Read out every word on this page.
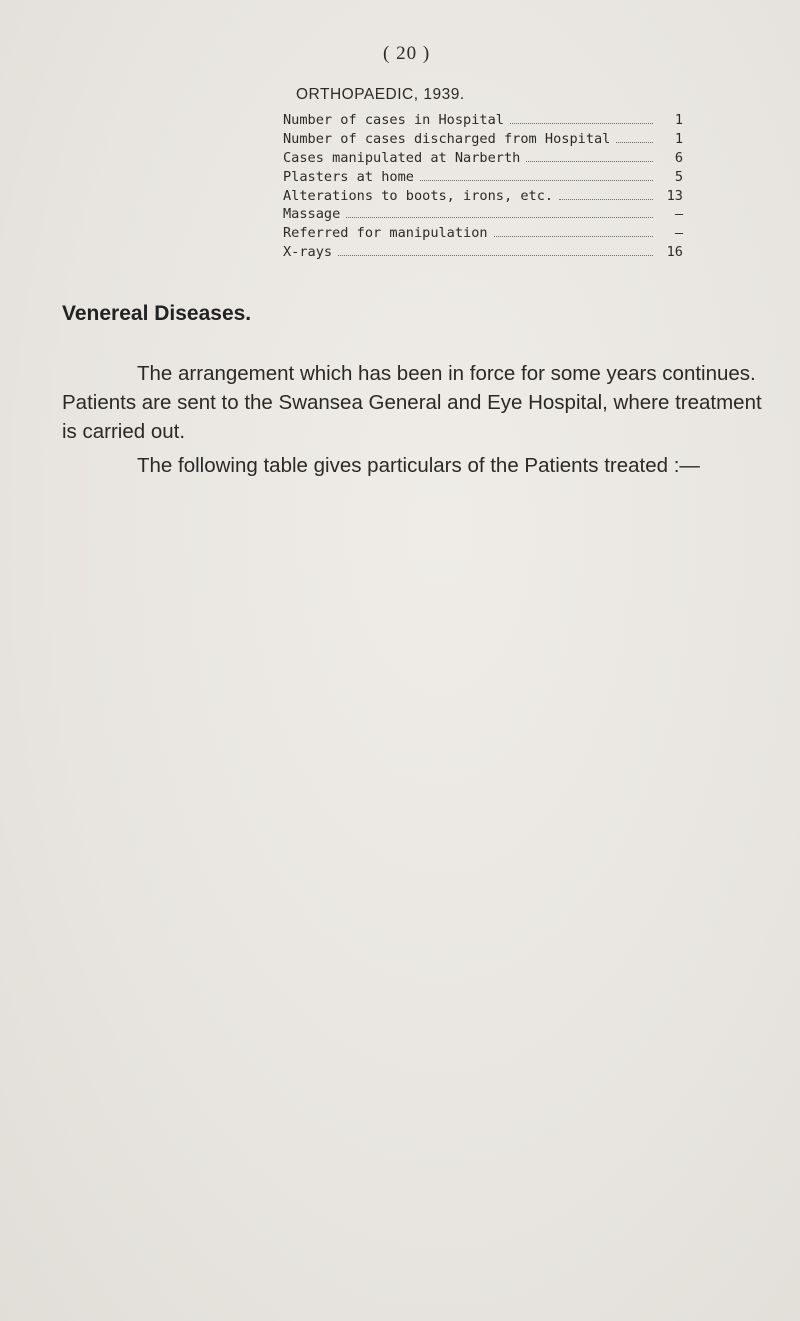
( 20 )
ORTHOPAEDIC, 1939.
Number of cases in Hospital	1
Number of cases discharged from Hospital	1
Cases manipulated at Narberth	6
Plasters at home	5
Alterations to boots, irons, etc.	13
Massage	—
Referred for manipulation	—
X-rays	16
Venereal Diseases.
The arrangement which has been in force for some years continues. Patients are sent to the Swansea General and Eye Hospital, where treatment is carried out.
The following table gives particulars of the Patients treated :—
